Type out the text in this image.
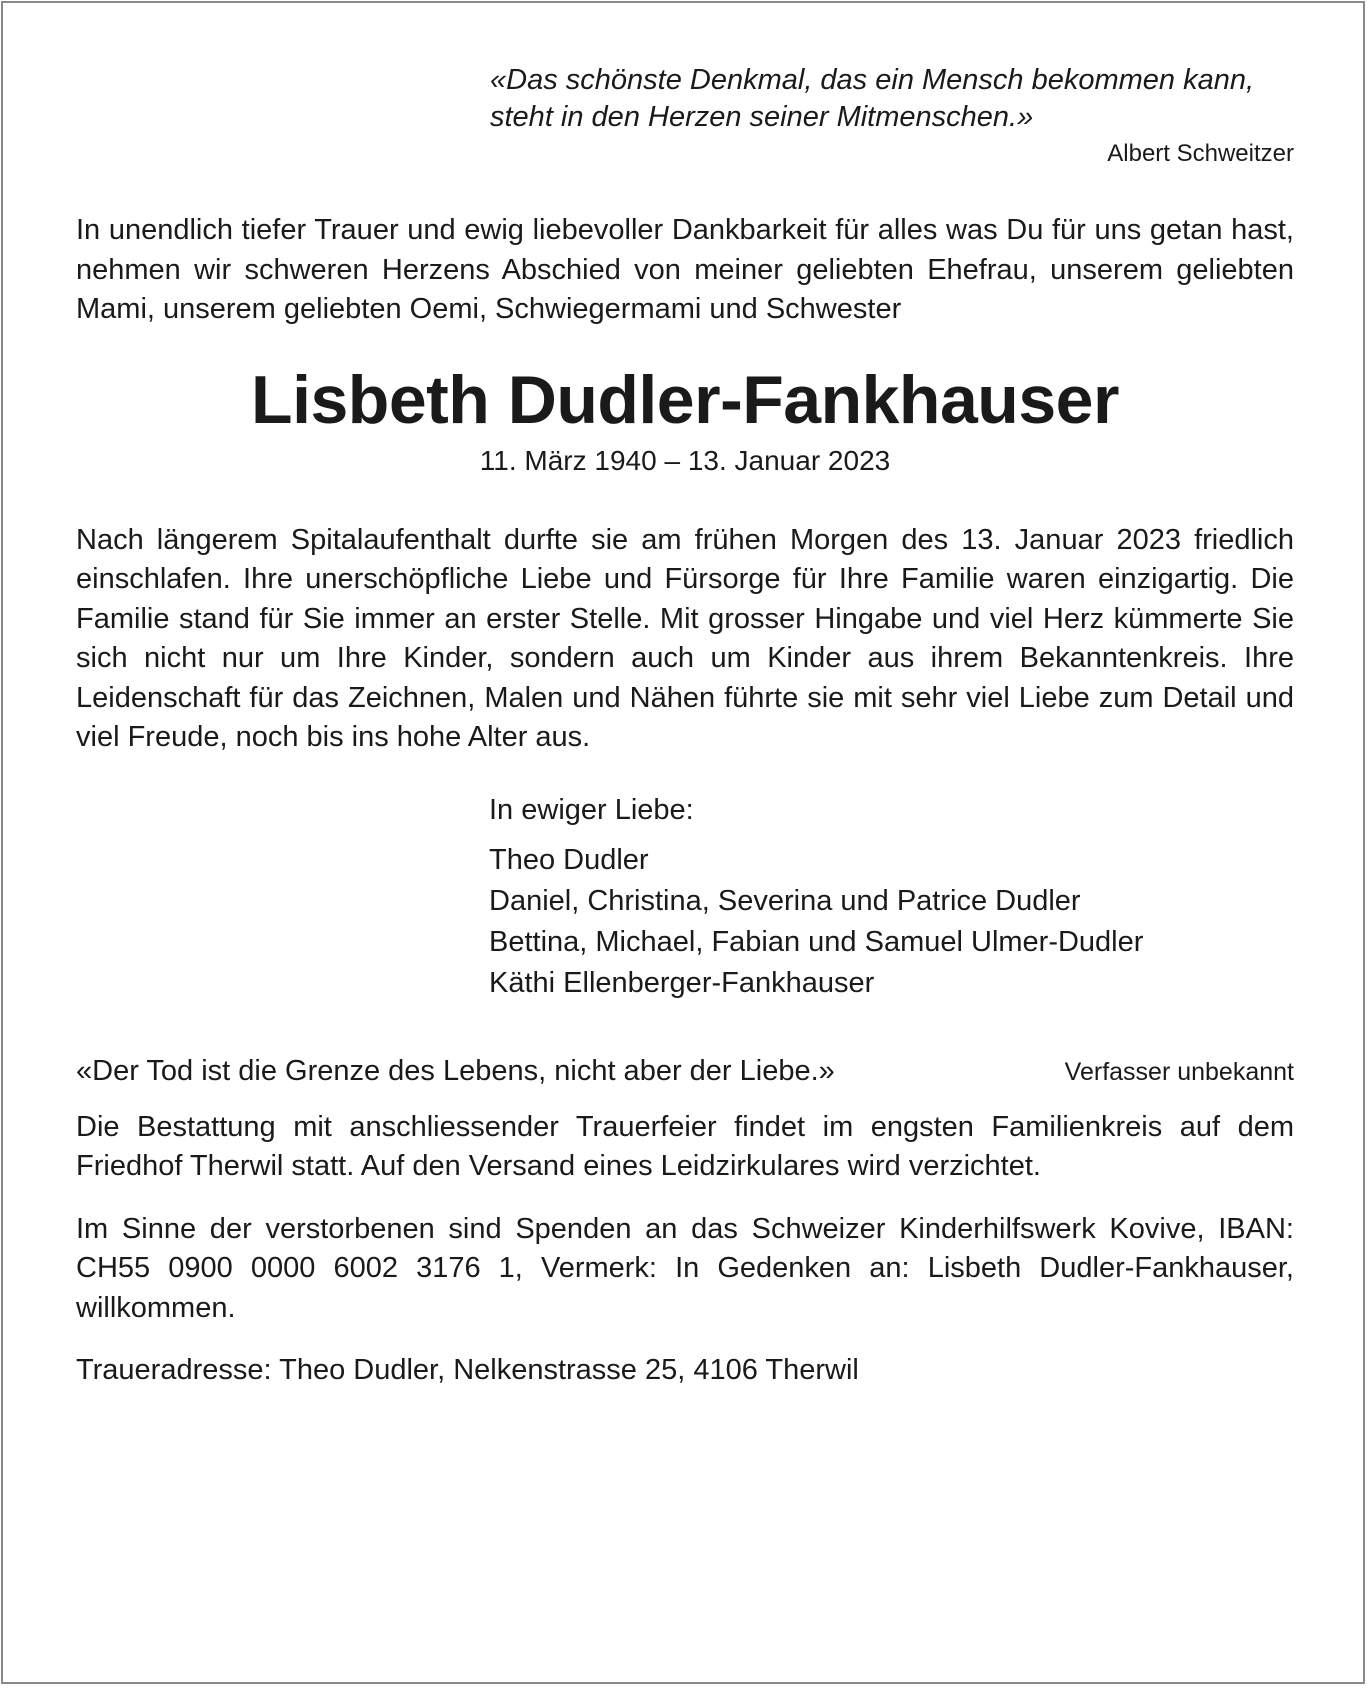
«Das schönste Denkmal, das ein Mensch bekommen kann, steht in den Herzen seiner Mitmenschen.»
Albert Schweitzer
In unendlich tiefer Trauer und ewig liebevoller Dankbarkeit für alles was Du für uns getan hast, nehmen wir schweren Herzens Abschied von meiner geliebten Ehefrau, unserem geliebten Mami, unserem geliebten Oemi, Schwiegermami und Schwester
Lisbeth Dudler-Fankhauser
11. März 1940 – 13. Januar 2023
Nach längerem Spitalaufenthalt durfte sie am frühen Morgen des 13. Januar 2023 friedlich einschlafen. Ihre unerschöpfliche Liebe und Fürsorge für Ihre Familie waren einzigartig. Die Familie stand für Sie immer an erster Stelle. Mit grosser Hingabe und viel Herz kümmerte Sie sich nicht nur um Ihre Kinder, sondern auch um Kinder aus ihrem Bekanntenkreis. Ihre Leidenschaft für das Zeichnen, Malen und Nähen führte sie mit sehr viel Liebe zum Detail und viel Freude, noch bis ins hohe Alter aus.
In ewiger Liebe:
Theo Dudler
Daniel, Christina, Severina und Patrice Dudler
Bettina, Michael, Fabian und Samuel Ulmer-Dudler
Käthi Ellenberger-Fankhauser
«Der Tod ist die Grenze des Lebens, nicht aber der Liebe.»	Verfasser unbekannt
Die Bestattung mit anschliessender Trauerfeier findet im engsten Familienkreis auf dem Friedhof Therwil statt. Auf den Versand eines Leidzirkulares wird verzichtet.
Im Sinne der verstorbenen sind Spenden an das Schweizer Kinderhilfswerk Kovive, IBAN: CH55 0900 0000 6002 3176 1, Vermerk: In Gedenken an: Lisbeth Dudler-Fankhauser, willkommen.
Traueradresse: Theo Dudler, Nelkenstrasse 25, 4106 Therwil
